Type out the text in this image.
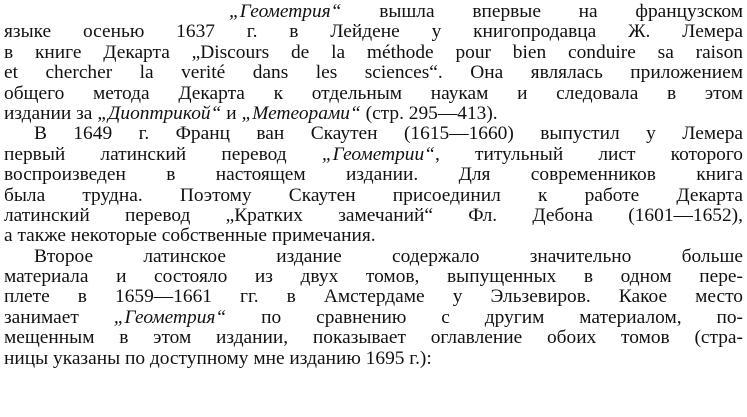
„Геометрия“ вышла впервые на французском
языке осенью 1637 г. в Лейдене у книгопродавца Ж. Лемера
в книге Декарта „Discours de la méthode pour bien conduire sa raison
et chercher la verité dans les sciences“. Она являлась приложением
общего метода Декарта к отдельным наукам и следовала в этом
издании за „Диоптрикой“ и „Метеорами“ (стр. 295—413).
В 1649 г. Франц ван Скаутен (1615—1660) выпустил у Лемера
первый латинский перевод „Геометрии“, титульный лист которого
воспроизведен в настоящем издании. Для современников книга
была трудна. Поэтому Скаутен присоединил к работе Декарта
латинский перевод „Кратких замечаний“ Фл. Дебона (1601—1652),
а также некоторые собственные примечания.
Второе латинское издание содержало значительно больше
материала и состояло из двух томов, выпущенных в одном пере-
плете в 1659—1661 гг. в Амстердаме у Эльзевиров. Какое место
занимает „Геометрия“ по сравнению с другим материалом, по-
мещенным в этом издании, показывает оглавление обоих томов (стра-
ницы указаны по доступному мне изданию 1695 г.):
